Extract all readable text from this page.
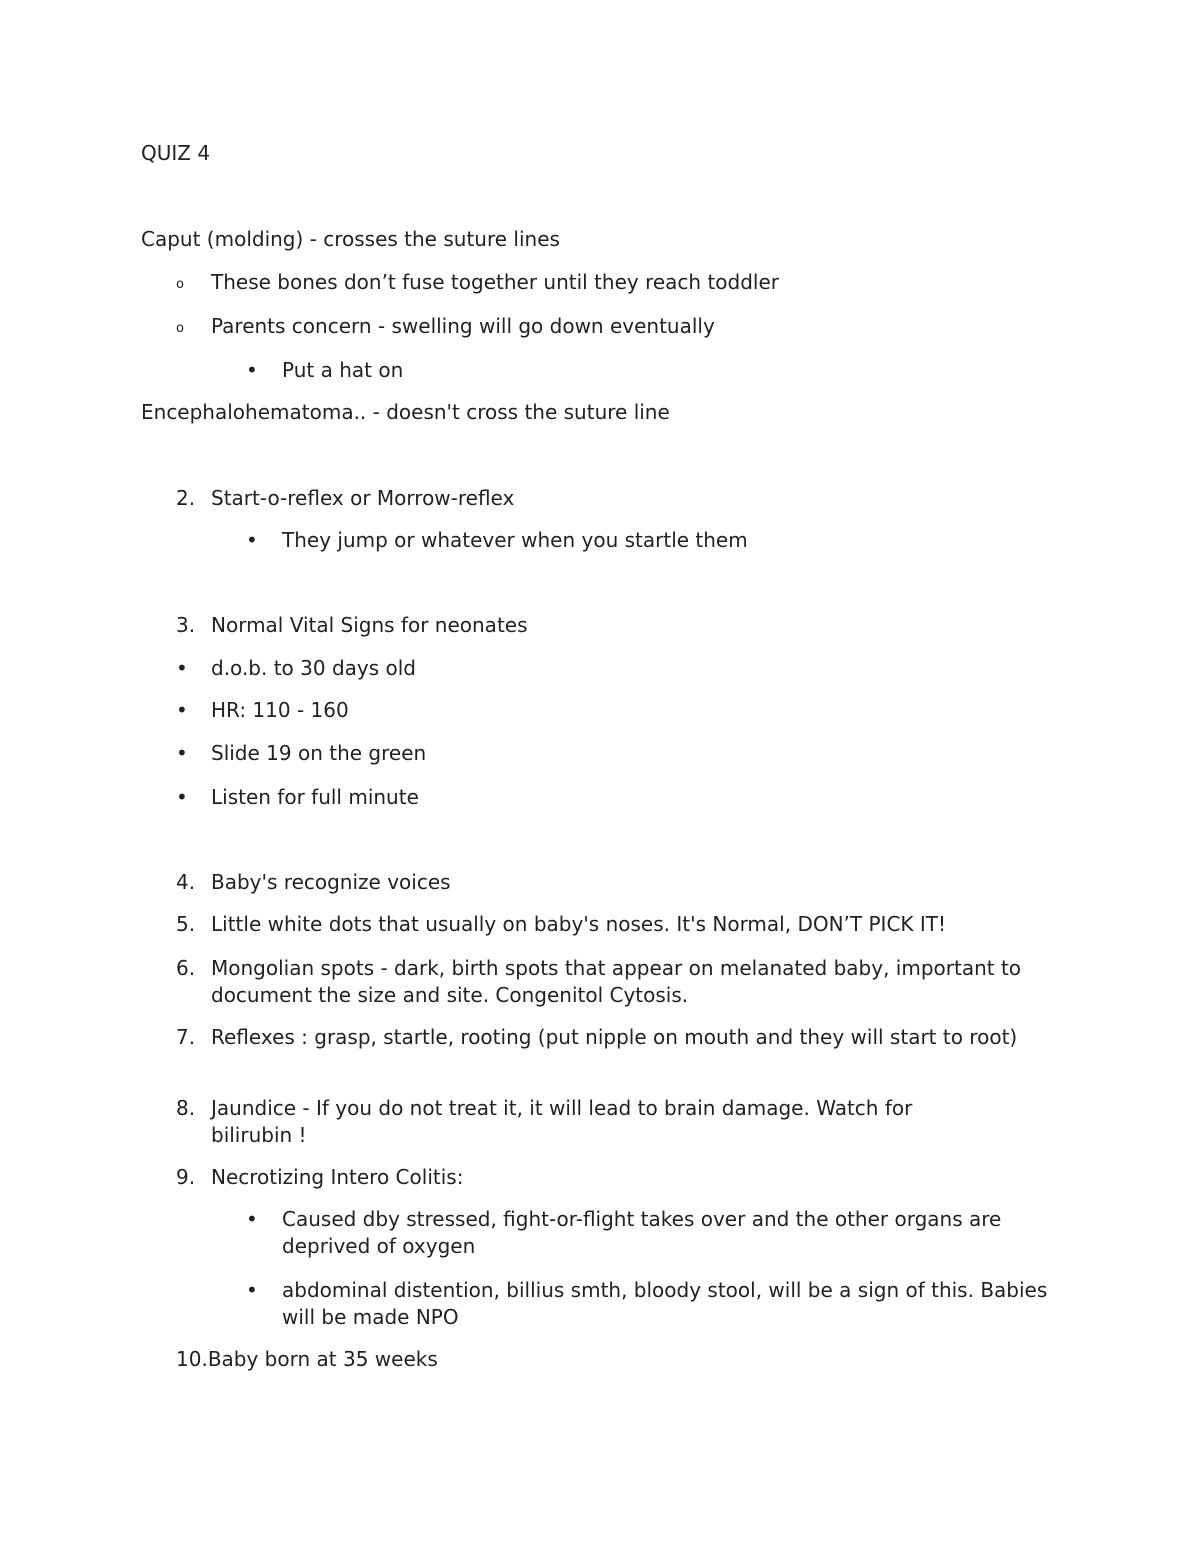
QUIZ 4
Caput (molding) - crosses the suture lines
o These bones don’t fuse together until they reach toddler
o Parents concern - swelling will go down eventually
• Put a hat on
Encephalohematoma.. - doesn't cross the suture line
2. Start-o-reflex or Morrow-reflex
• They jump or whatever when you startle them
3. Normal Vital Signs for neonates
• d.o.b. to 30 days old
• HR: 110 - 160
• Slide 19 on the green
• Listen for full minute
4. Baby's recognize voices
5. Little white dots that usually on baby's noses. It's Normal, DON’T PICK IT!
6. Mongolian spots - dark, birth spots that appear on melanated baby, important to document the size and site. Congenitol Cytosis.
7. Reflexes : grasp, startle, rooting (put nipple on mouth and they will start to root)
8. Jaundice - If you do not treat it, it will lead to brain damage. Watch for bilirubin !
9. Necrotizing Intero Colitis:
• Caused dby stressed, fight-or-flight takes over and the other organs are deprived of oxygen
• abdominal distention, billius smth, bloody stool, will be a sign of this. Babies will be made NPO
10.Baby born at 35 weeks
